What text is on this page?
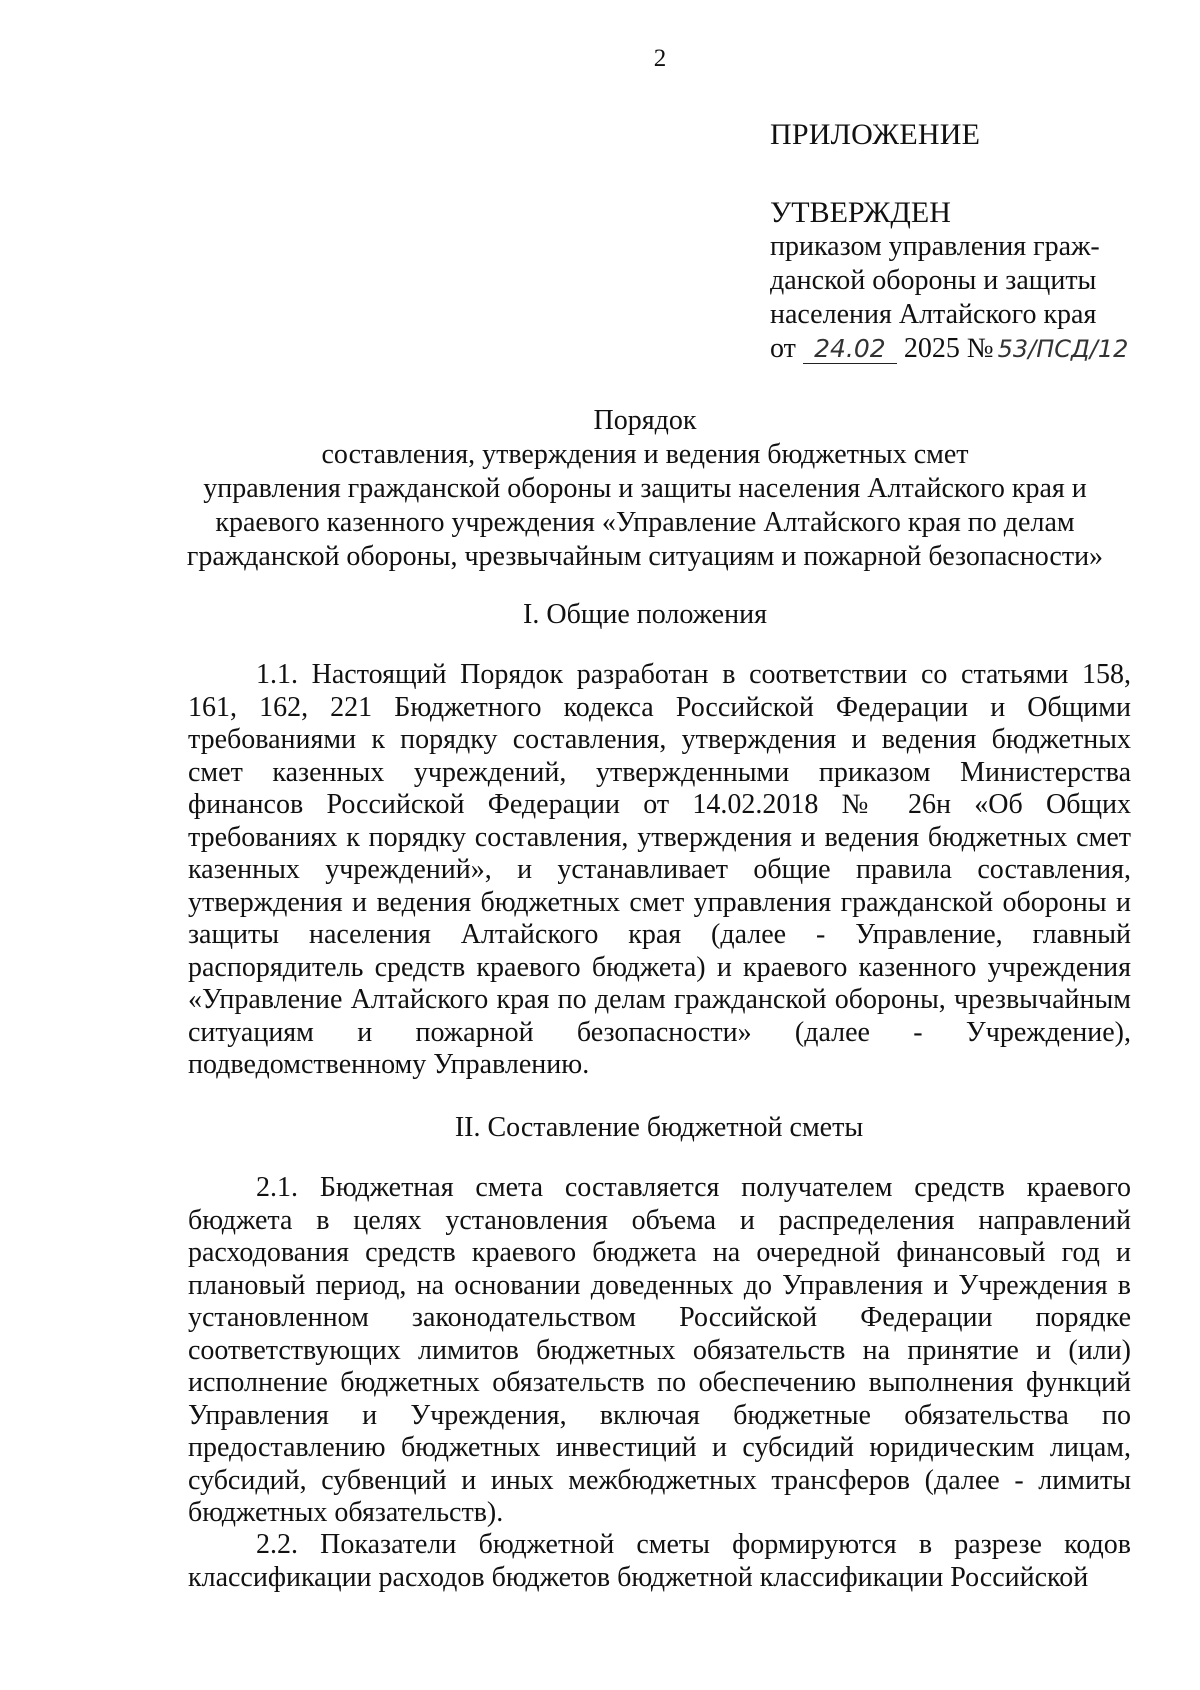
2
ПРИЛОЖЕНИЕ
УТВЕРЖДЕН
приказом управления граж-
данской обороны и защиты
населения Алтайского края
от 24.02 2025 № 53/ПСД/12
Порядок
составления, утверждения и ведения бюджетных смет
управления гражданской обороны и защиты населения Алтайского края и
краевого казенного учреждения «Управление Алтайского края по делам
гражданской обороны, чрезвычайным ситуациям и пожарной безопасности»
I. Общие положения
1.1. Настоящий Порядок разработан в соответствии со статьями 158, 161, 162, 221 Бюджетного кодекса Российской Федерации и Общими требованиями к порядку составления, утверждения и ведения бюджетных смет казенных учреждений, утвержденными приказом Министерства финансов Российской Федерации от 14.02.2018 № 26н «Об Общих требованиях к порядку составления, утверждения и ведения бюджетных смет казенных учреждений», и устанавливает общие правила составления, утверждения и ведения бюджетных смет управления гражданской обороны и защиты населения Алтайского края (далее - Управление, главный распорядитель средств краевого бюджета) и краевого казенного учреждения «Управление Алтайского края по делам гражданской обороны, чрезвычайным ситуациям и пожарной безопасности» (далее - Учреждение), подведомственному Управлению.
II. Составление бюджетной сметы
2.1. Бюджетная смета составляется получателем средств краевого бюджета в целях установления объема и распределения направлений расходования средств краевого бюджета на очередной финансовый год и плановый период, на основании доведенных до Управления и Учреждения в установленном законодательством Российской Федерации порядке соответствующих лимитов бюджетных обязательств на принятие и (или) исполнение бюджетных обязательств по обеспечению выполнения функций Управления и Учреждения, включая бюджетные обязательства по предоставлению бюджетных инвестиций и субсидий юридическим лицам, субсидий, субвенций и иных межбюджетных трансферов (далее - лимиты бюджетных обязательств).
2.2. Показатели бюджетной сметы формируются в разрезе кодов классификации расходов бюджетов бюджетной классификации Российской
